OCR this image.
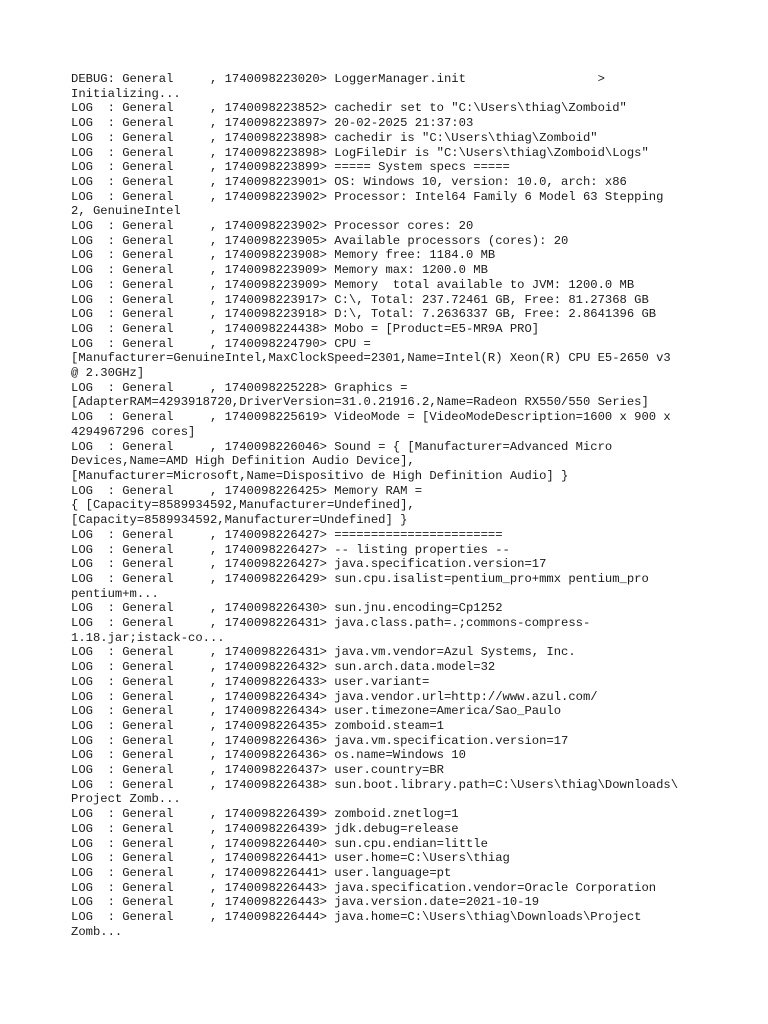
DEBUG: General     , 1740098223020> LoggerManager.init                  >
Initializing...
LOG  : General     , 1740098223852> cachedir set to "C:\Users\thiag\Zomboid"
LOG  : General     , 1740098223897> 20-02-2025 21:37:03
LOG  : General     , 1740098223898> cachedir is "C:\Users\thiag\Zomboid"
LOG  : General     , 1740098223898> LogFileDir is "C:\Users\thiag\Zomboid\Logs"
LOG  : General     , 1740098223899> ===== System specs =====
LOG  : General     , 1740098223901> OS: Windows 10, version: 10.0, arch: x86
LOG  : General     , 1740098223902> Processor: Intel64 Family 6 Model 63 Stepping
2, GenuineIntel
LOG  : General     , 1740098223902> Processor cores: 20
LOG  : General     , 1740098223905> Available processors (cores): 20
LOG  : General     , 1740098223908> Memory free: 1184.0 MB
LOG  : General     , 1740098223909> Memory max: 1200.0 MB
LOG  : General     , 1740098223909> Memory  total available to JVM: 1200.0 MB
LOG  : General     , 1740098223917> C:\, Total: 237.72461 GB, Free: 81.27368 GB
LOG  : General     , 1740098223918> D:\, Total: 7.2636337 GB, Free: 2.8641396 GB
LOG  : General     , 1740098224438> Mobo = [Product=E5-MR9A PRO]
LOG  : General     , 1740098224790> CPU =
[Manufacturer=GenuineIntel,MaxClockSpeed=2301,Name=Intel(R) Xeon(R) CPU E5-2650 v3
@ 2.30GHz]
LOG  : General     , 1740098225228> Graphics =
[AdapterRAM=4293918720,DriverVersion=31.0.21916.2,Name=Radeon RX550/550 Series]
LOG  : General     , 1740098225619> VideoMode = [VideoModeDescription=1600 x 900 x
4294967296 cores]
LOG  : General     , 1740098226046> Sound = { [Manufacturer=Advanced Micro
Devices,Name=AMD High Definition Audio Device],
[Manufacturer=Microsoft,Name=Dispositivo de High Definition Audio] }
LOG  : General     , 1740098226425> Memory RAM =
{ [Capacity=8589934592,Manufacturer=Undefined],
[Capacity=8589934592,Manufacturer=Undefined] }
LOG  : General     , 1740098226427> =======================
LOG  : General     , 1740098226427> -- listing properties --
LOG  : General     , 1740098226427> java.specification.version=17
LOG  : General     , 1740098226429> sun.cpu.isalist=pentium_pro+mmx pentium_pro
pentium+m...
LOG  : General     , 1740098226430> sun.jnu.encoding=Cp1252
LOG  : General     , 1740098226431> java.class.path=.;commons-compress-
1.18.jar;istack-co...
LOG  : General     , 1740098226431> java.vm.vendor=Azul Systems, Inc.
LOG  : General     , 1740098226432> sun.arch.data.model=32
LOG  : General     , 1740098226433> user.variant=
LOG  : General     , 1740098226434> java.vendor.url=http://www.azul.com/
LOG  : General     , 1740098226434> user.timezone=America/Sao_Paulo
LOG  : General     , 1740098226435> zomboid.steam=1
LOG  : General     , 1740098226436> java.vm.specification.version=17
LOG  : General     , 1740098226436> os.name=Windows 10
LOG  : General     , 1740098226437> user.country=BR
LOG  : General     , 1740098226438> sun.boot.library.path=C:\Users\thiag\Downloads\
Project Zomb...
LOG  : General     , 1740098226439> zomboid.znetlog=1
LOG  : General     , 1740098226439> jdk.debug=release
LOG  : General     , 1740098226440> sun.cpu.endian=little
LOG  : General     , 1740098226441> user.home=C:\Users\thiag
LOG  : General     , 1740098226441> user.language=pt
LOG  : General     , 1740098226443> java.specification.vendor=Oracle Corporation
LOG  : General     , 1740098226443> java.version.date=2021-10-19
LOG  : General     , 1740098226444> java.home=C:\Users\thiag\Downloads\Project
Zomb...
